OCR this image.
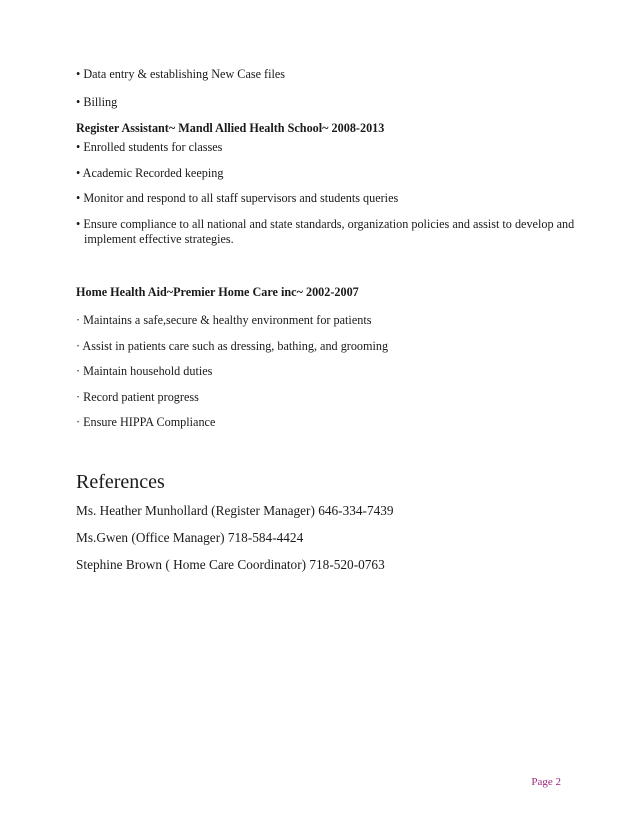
• Data entry & establishing New Case files
• Billing
Register Assistant~ Mandl Allied Health School~ 2008-2013
• Enrolled students for classes
• Academic Recorded keeping
• Monitor and respond to all staff supervisors and students queries
• Ensure compliance to all national and state standards, organization policies and assist to develop and
implement effective strategies.
Home Health Aid~Premier Home Care inc~ 2002-2007
· Maintains a safe,secure & healthy environment for patients
· Assist in patients care such as dressing, bathing, and grooming
· Maintain household duties
· Record patient progress
· Ensure HIPPA Compliance
References
Ms. Heather Munhollard (Register Manager) 646-334-7439
Ms.Gwen (Office Manager) 718-584-4424
Stephine Brown ( Home Care Coordinator) 718-520-0763
Page 2
